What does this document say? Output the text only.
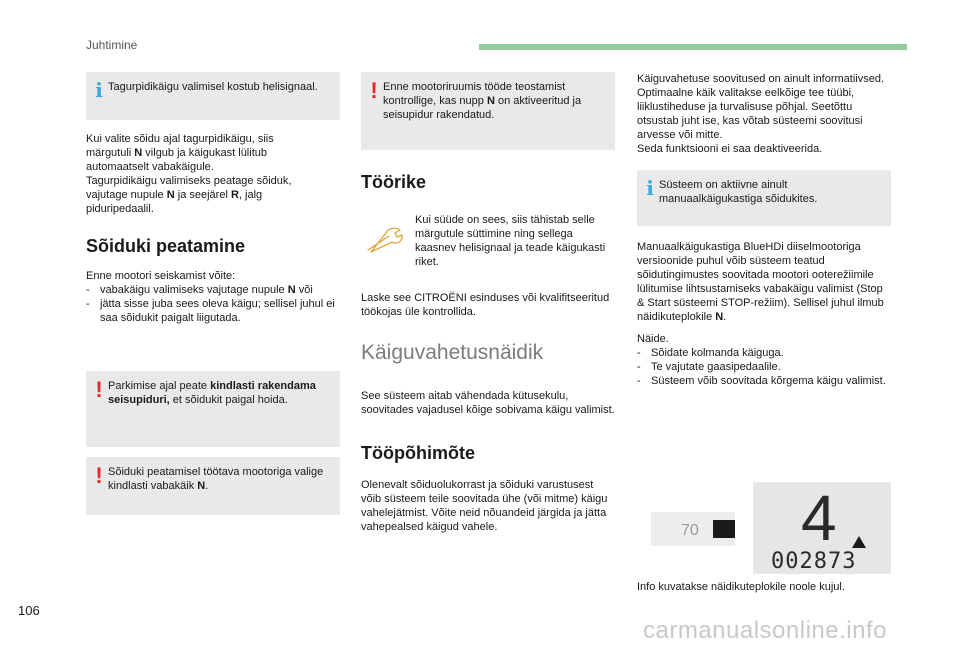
Juhtimine
i Tagurpidikäigu valimisel kostub helisignaal.
Kui valite sõidu ajal tagurpidikäigu, siis
märgutuli N vilgub ja käigukast lülitub
automaatselt vabakäigule.
Tagurpidikäigu valimiseks peatage sõiduk,
vajutage nupule N ja seejärel R, jalg
piduripedaalil.
Sõiduki peatamine
Enne mootori seiskamist võite:
- vabakäigu valimiseks vajutage nupule N või
- jätta sisse juba sees oleva käigu; sellisel juhul ei saa sõidukit paigalt liigutada.
! Parkimise ajal peate kindlasti rakendama seisupiduri, et sõidukit paigal hoida.
! Sõiduki peatamisel töötava mootoriga valige kindlasti vabakäik N.
! Enne mootoriruumis tööde teostamist kontrollige, kas nupp N on aktiveeritud ja seisupidur rakendatud.
Töörike
Kui süüde on sees, siis tähistab selle märgutule süttimine ning sellega kaasnev helisignaal ja teade käigukasti riket.
Laske see CITROËNI esinduses või kvalifitseeritud töökojas üle kontrollida.
Käiguvahetusnäidik
See süsteem aitab vähendada kütusekulu, soovitades vajadusel kõige sobivama käigu valimist.
Tööpõhimõte
Olenevalt sõiduolukorrast ja sõiduki varustusest võib süsteem teile soovitada ühe (või mitme) käigu vahelejätmist. Võite neid nõuandeid järgida ja jätta vahepealsed käigud vahele.
Käiguvahetuse soovitused on ainult informatiivsed. Optimaalne käik valitakse eelkõige tee tüübi, liiklustiheduse ja turvalisuse põhjal. Seetõttu otsustab juht ise, kas võtab süsteemi soovitusi arvesse või mitte.
Seda funktsiooni ei saa deaktiveerida.
i Süsteem on aktiivne ainult manuaalkäigukastiga sõidukites.
Manuaalkäigukastiga BlueHDi diiselmootoriga versioonide puhul võib süsteem teatud sõidutingimustes soovitada mootori ooterežiimile lülitumise lihtsustamiseks vabakäigu valimist (Stop & Start süsteemi STOP-režiim). Sellisel juhul ilmub näidikuteplokile N.
Näide.
- Sõidate kolmanda käiguga.
- Te vajutate gaasipedaalile.
- Süsteem võib soovitada kõrgema käigu valimist.
70 4
002873
Info kuvatakse näidikuteplokile noole kujul.
106
carmanualsonline.info
